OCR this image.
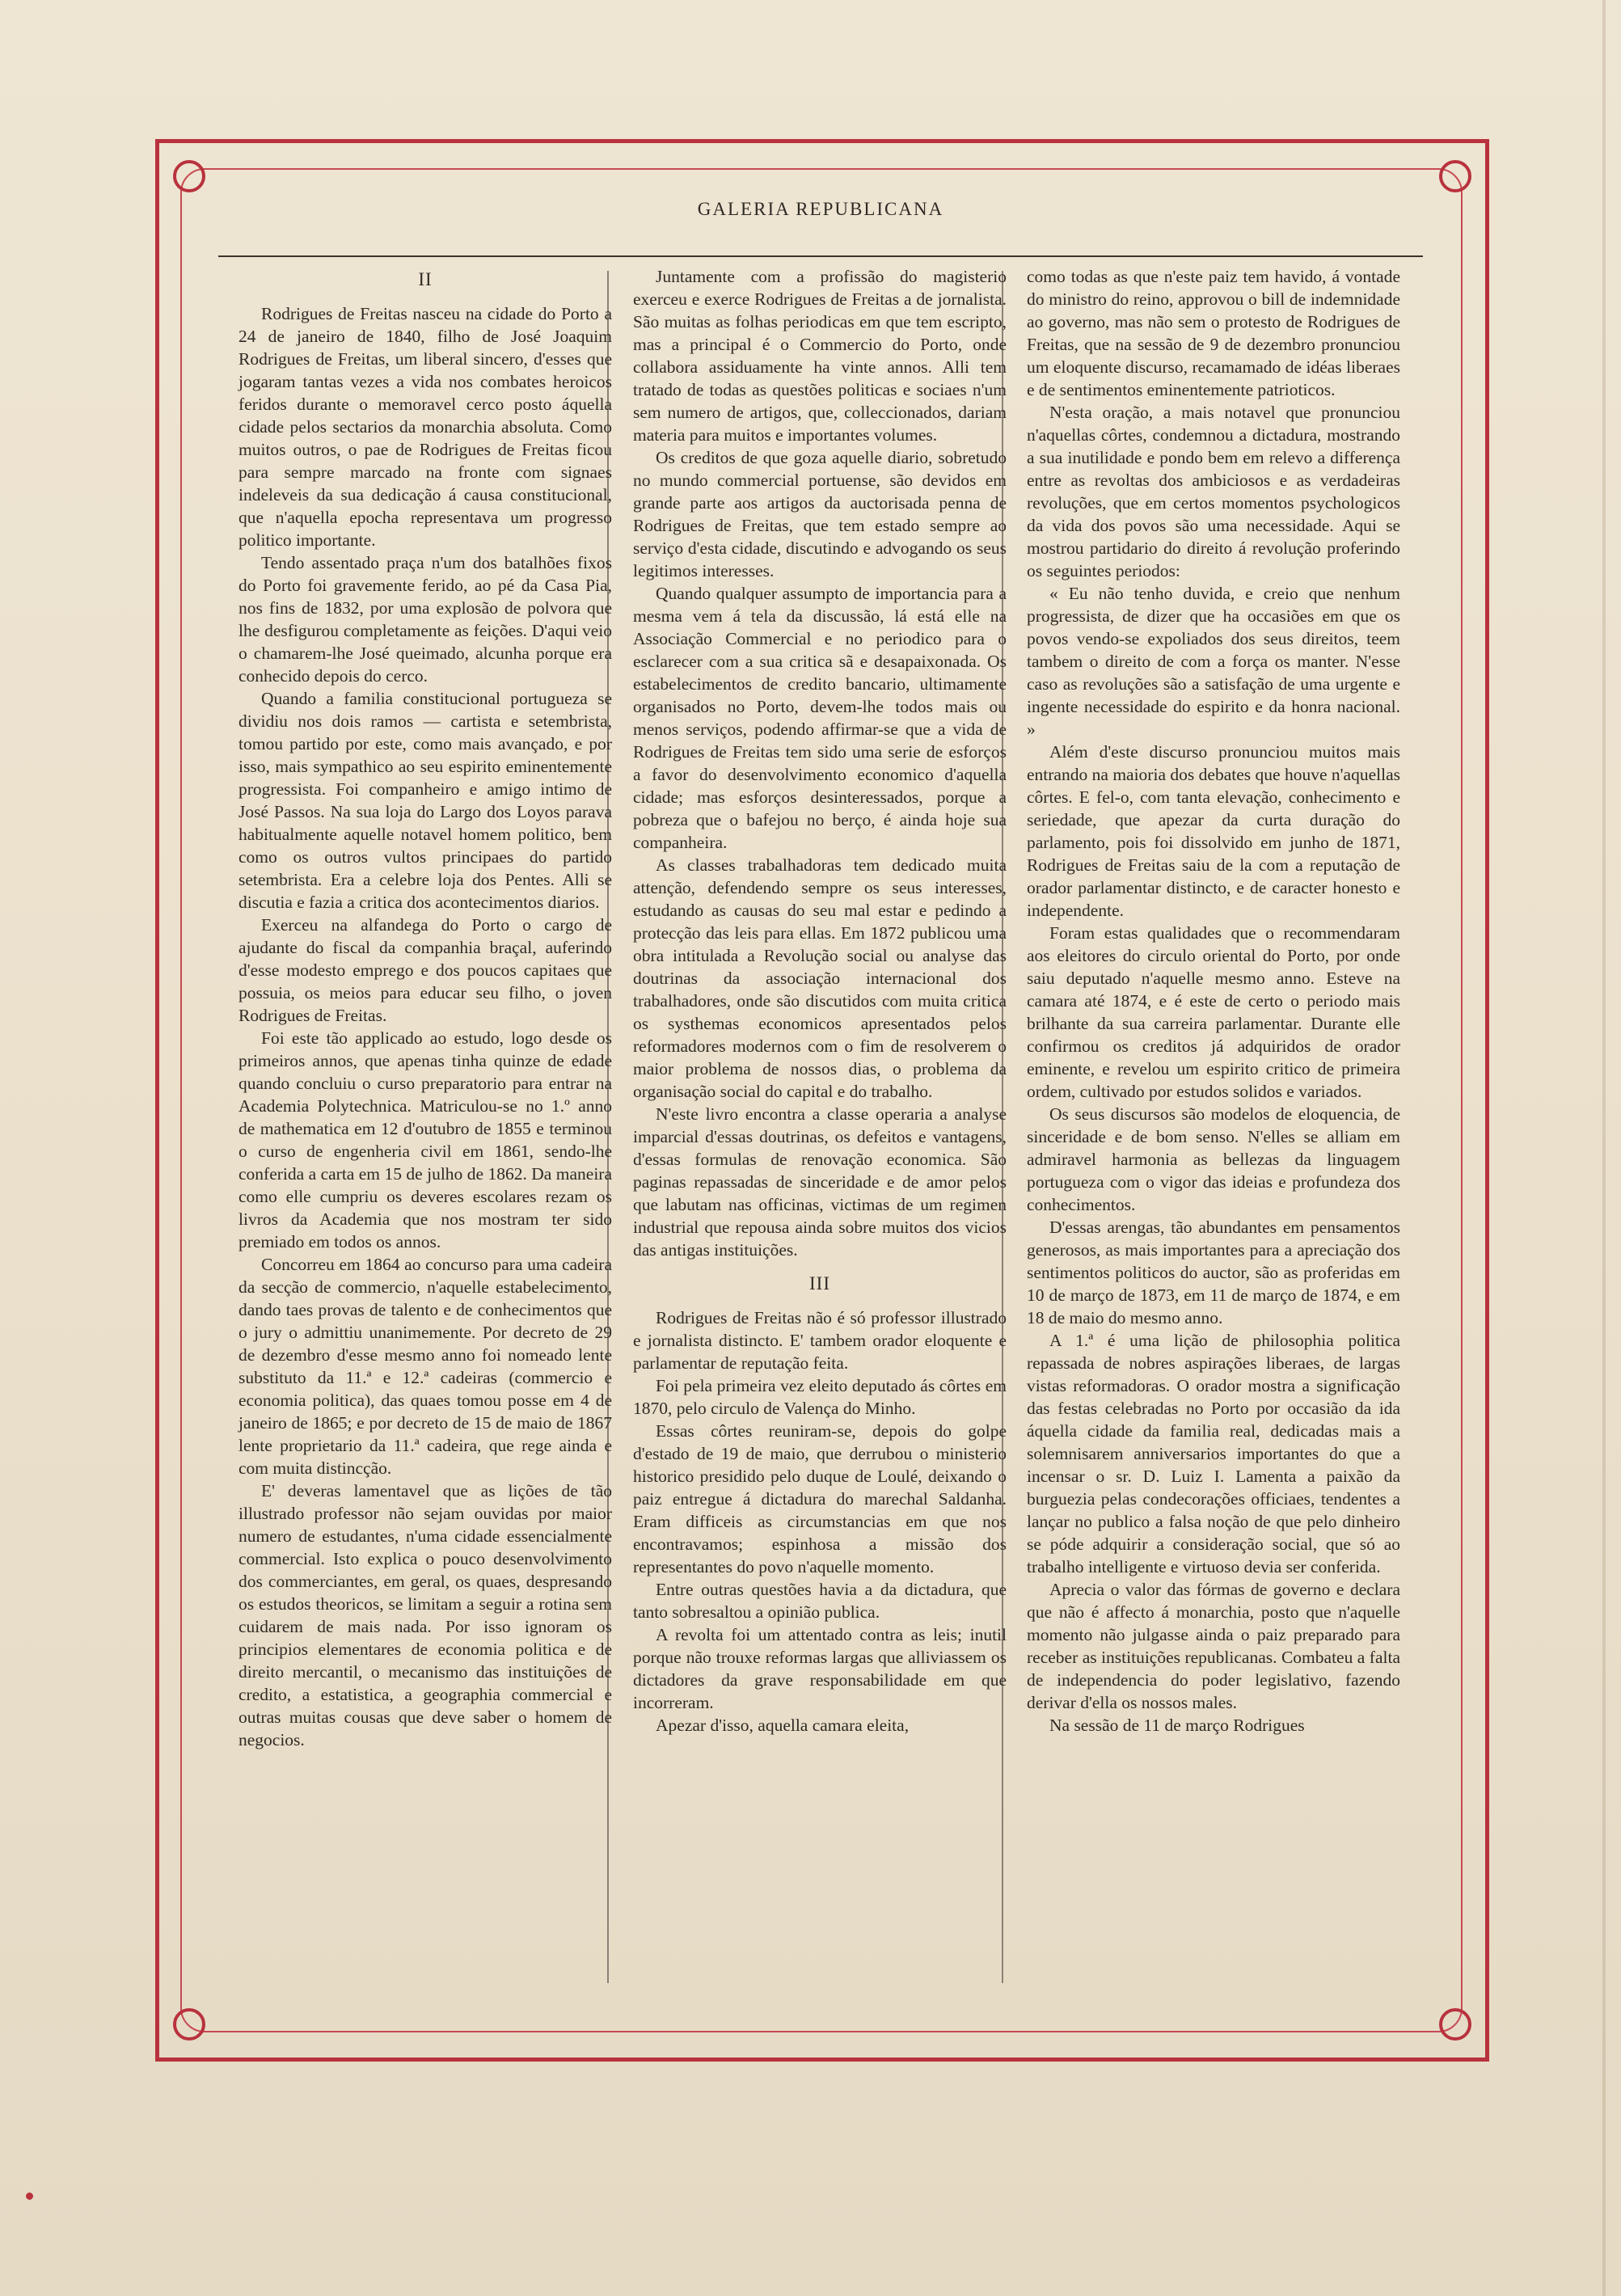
GALERIA REPUBLICANA
II

Rodrigues de Freitas nasceu na cidade do Porto a 24 de janeiro de 1840, filho de José Joaquim Rodrigues de Freitas, um liberal sincero, d'esses que jogaram tantas vezes a vida nos combates heroicos feridos durante o memoravel cerco posto áquella cidade pelos sectarios da monarchia absoluta. Como muitos outros, o pae de Rodrigues de Freitas ficou para sempre marcado na fronte com signaes indeleveis da sua dedicação á causa constitucional, que n'aquella epocha representava um progresso politico importante.

Tendo assentado praça n'um dos batalhões fixos do Porto foi gravemente ferido, ao pé da Casa Pia, nos fins de 1832, por uma explosão de polvora que lhe desfigurou completamente as feições. D'aqui veio o chamarem-lhe José queimado, alcunha porque era conhecido depois do cerco.

Quando a familia constitucional portugueza se dividiu nos dois ramos — cartista e setembrista, tomou partido por este, como mais avançado, e por isso, mais sympathico ao seu espirito eminentemente progressista. Foi companheiro e amigo intimo de José Passos. Na sua loja do Largo dos Loyos parava habitualmente aquelle notavel homem politico, bem como os outros vultos principaes do partido setembrista. Era a celebre loja dos Pentes. Alli se discutia e fazia a critica dos acontecimentos diarios.

Exerceu na alfandega do Porto o cargo de ajudante do fiscal da companhia braçal, auferindo d'esse modesto emprego e dos poucos capitaes que possuia, os meios para educar seu filho, o joven Rodrigues de Freitas.

Foi este tão applicado ao estudo, logo desde os primeiros annos, que apenas tinha quinze de edade quando concluiu o curso preparatorio para entrar na Academia Polytechnica. Matriculou-se no 1.º anno de mathematica em 12 d'outubro de 1855 e terminou o curso de engenheria civil em 1861, sendo-lhe conferida a carta em 15 de julho de 1862. Da maneira como elle cumpriu os deveres escolares rezam os livros da Academia que nos mostram ter sido premiado em todos os annos.

Concorreu em 1864 ao concurso para uma cadeira da secção de commercio, n'aquelle estabelecimento, dando taes provas de talento e de conhecimentos que o jury o admittiu unanimemente. Por decreto de 29 de dezembro d'esse mesmo anno foi nomeado lente substituto da 11.ª e 12.ª cadeiras (commercio e economia politica), das quaes tomou posse em 4 de janeiro de 1865; e por decreto de 15 de maio de 1867 lente proprietario da 11.ª cadeira, que rege ainda e com muita distincção.

E' deveras lamentavel que as lições de tão illustrado professor não sejam ouvidas por maior numero de estudantes, n'uma cidade essencialmente commercial. Isto explica o pouco desenvolvimento dos commerciantes, em geral, os quaes, despresando os estudos theoricos, se limitam a seguir a rotina sem cuidarem de mais nada. Por isso ignoram os principios elementares de economia politica e de direito mercantil, o mecanismo das instituições de credito, a estatistica, a geographia commercial e outras muitas cousas que deve saber o homem de negocios.

Juntamente com a profissão do magisterio exerceu e exerce Rodrigues de Freitas a de jornalista. São muitas as folhas periodicas em que tem escripto, mas a principal é o Commercio do Porto, onde collabora assiduamente ha vinte annos. Alli tem tratado de todas as questões politicas e sociaes n'um sem numero de artigos, que, colleccionados, dariam materia para muitos e importantes volumes.

Os creditos de que goza aquelle diario, sobretudo no mundo commercial portuense, são devidos em grande parte aos artigos da auctorisada penna de Rodrigues de Freitas, que tem estado sempre ao serviço d'esta cidade, discutindo e advogando os seus legitimos interesses.

Quando qualquer assumpto de importancia para a mesma vem á tela da discussão, lá está elle na Associação Commercial e no periodico para o esclarecer com a sua critica sã e desapaixonada. Os estabelecimentos de credito bancario, ultimamente organisados no Porto, devem-lhe todos mais ou menos serviços, podendo affirmar-se que a vida de Rodrigues de Freitas tem sido uma serie de esforços a favor do desenvolvimento economico d'aquella cidade; mas esforços desinteressados, porque a pobreza que o bafejou no berço, é ainda hoje sua companheira.

As classes trabalhadoras tem dedicado muita attenção, defendendo sempre os seus interesses, estudando as causas do seu mal estar e pedindo a protecção das leis para ellas. Em 1872 publicou uma obra intitulada a Revolução social ou analyse das doutrinas da associação internacional dos trabalhadores, onde são discutidos com muita critica os systhemas economicos apresentados pelos reformadores modernos com o fim de resolverem o maior problema de nossos dias, o problema da organisação social do capital e do trabalho.

N'este livro encontra a classe operaria a analyse imparcial d'essas doutrinas, os defeitos e vantagens, d'essas formulas de renovação economica. São paginas repassadas de sinceridade e de amor pelos que labutam nas officinas, victimas de um regimen industrial que repousa ainda sobre muitos dos vicios das antigas instituições.

III

Rodrigues de Freitas não é só professor illustrado e jornalista distincto. E' tambem orador eloquente e parlamentar de reputação feita.

Foi pela primeira vez eleito deputado ás côrtes em 1870, pelo circulo de Valença do Minho.

Essas côrtes reuniram-se, depois do golpe d'estado de 19 de maio, que derrubou o ministerio historico presidido pelo duque de Loulé, deixando o paiz entregue á dictadura do marechal Saldanha. Eram difficeis as circumstancias em que nos encontravamos; espinhosa a missão dos representantes do povo n'aquelle momento.

Entre outras questões havia a da dictadura, que tanto sobresaltou a opinião publica.

A revolta foi um attentado contra as leis; inutil porque não trouxe reformas largas que alliviassem os dictadores da grave responsabilidade em que incorreram.

Apezar d'isso, aquella camara eleita,

como todas as que n'este paiz tem havido, á vontade do ministro do reino, approvou o bill de indemnidade ao governo, mas não sem o protesto de Rodrigues de Freitas, que na sessão de 9 de dezembro pronunciou um eloquente discurso, recamamado de idéas liberaes e de sentimentos eminentemente patrioticos.

N'esta oração, a mais notavel que pronunciou n'aquellas côrtes, condemnou a dictadura, mostrando a sua inutilidade e pondo bem em relevo a differença entre as revoltas dos ambiciosos e as verdadeiras revoluções, que em certos momentos psychologicos da vida dos povos são uma necessidade. Aqui se mostrou partidario do direito á revolução proferindo os seguintes periodos:

« Eu não tenho duvida, e creio que nenhum progressista, de dizer que ha occasiões em que os povos vendo-se expoliados dos seus direitos, teem tambem o direito de com a força os manter. N'esse caso as revoluções são a satisfação de uma urgente e ingente necessidade do espirito e da honra nacional. »

Além d'este discurso pronunciou muitos mais entrando na maioria dos debates que houve n'aquellas côrtes. E fel-o, com tanta elevação, conhecimento e seriedade, que apezar da curta duração do parlamento, pois foi dissolvido em junho de 1871, Rodrigues de Freitas saiu de la com a reputação de orador parlamentar distincto, e de caracter honesto e independente.

Foram estas qualidades que o recommendaram aos eleitores do circulo oriental do Porto, por onde saiu deputado n'aquelle mesmo anno. Esteve na camara até 1874, e é este de certo o periodo mais brilhante da sua carreira parlamentar. Durante elle confirmou os creditos já adquiridos de orador eminente, e revelou um espirito critico de primeira ordem, cultivado por estudos solidos e variados.

Os seus discursos são modelos de eloquencia, de sinceridade e de bom senso. N'elles se alliam em admiravel harmonia as bellezas da linguagem portugueza com o vigor das ideias e profundeza dos conhecimentos.

D'essas arengas, tão abundantes em pensamentos generosos, as mais importantes para a apreciação dos sentimentos politicos do auctor, são as proferidas em 10 de março de 1873, em 11 de março de 1874, e em 18 de maio do mesmo anno.

A 1.ª é uma lição de philosophia politica repassada de nobres aspirações liberaes, de largas vistas reformadoras. O orador mostra a significação das festas celebradas no Porto por occasião da ida áquella cidade da familia real, dedicadas mais a solemnisarem anniversarios importantes do que a incensar o sr. D. Luiz I. Lamenta a paixão da burguezia pelas condecorações officiaes, tendentes a lançar no publico a falsa noção de que pelo dinheiro se póde adquirir a consideração social, que só ao trabalho intelligente e virtuoso devia ser conferida.

Aprecia o valor das fórmas de governo e declara que não é affecto á monarchia, posto que n'aquelle momento não julgasse ainda o paiz preparado para receber as instituições republicanas. Combateu a falta de independencia do poder legislativo, fazendo derivar d'ella os nossos males.

Na sessão de 11 de março Rodrigues
